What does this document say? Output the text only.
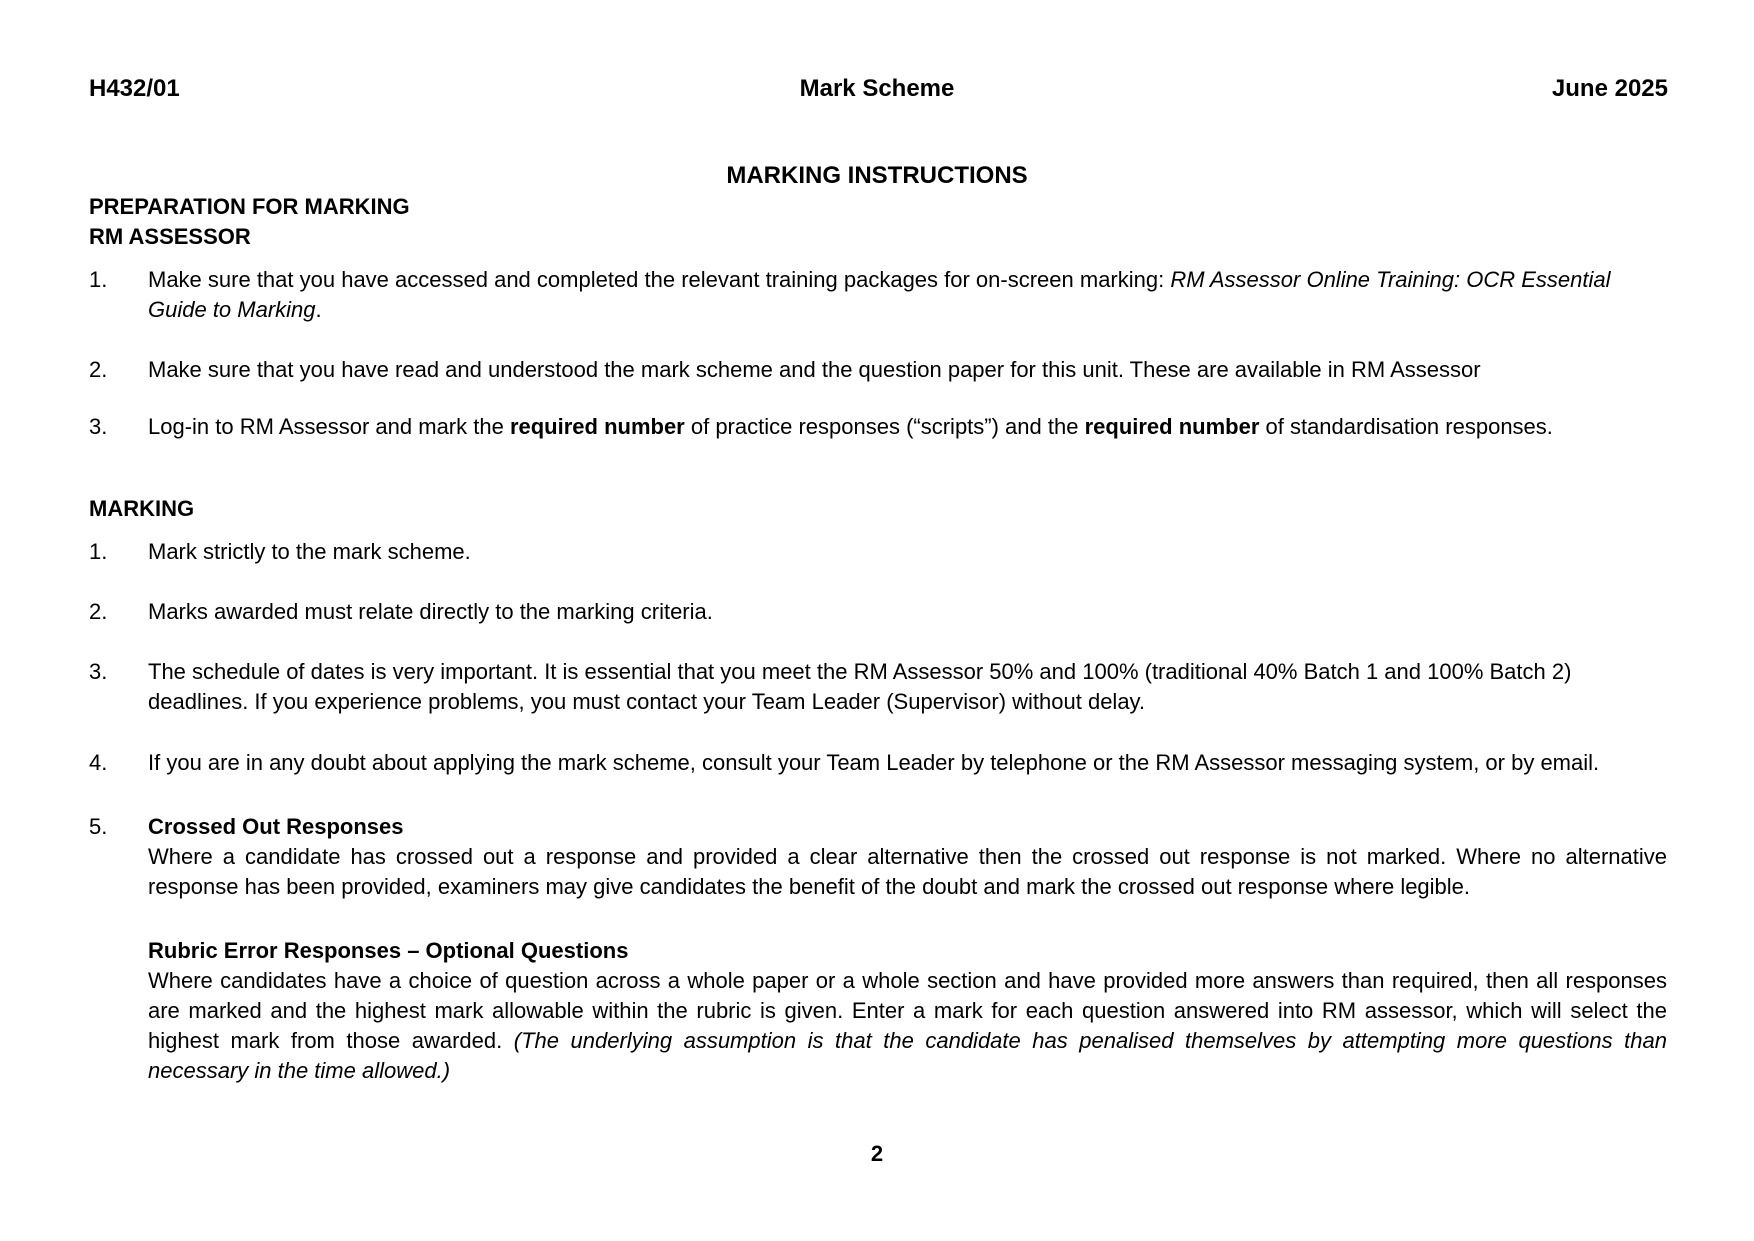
H432/01	Mark Scheme	June 2025
MARKING INSTRUCTIONS
PREPARATION FOR MARKING
RM ASSESSOR
1.	Make sure that you have accessed and completed the relevant training packages for on-screen marking: RM Assessor Online Training: OCR Essential Guide to Marking.
2.	Make sure that you have read and understood the mark scheme and the question paper for this unit. These are available in RM Assessor
3.	Log-in to RM Assessor and mark the required number of practice responses (“scripts”) and the required number of standardisation responses.
MARKING
1.	Mark strictly to the mark scheme.
2.	Marks awarded must relate directly to the marking criteria.
3.	The schedule of dates is very important. It is essential that you meet the RM Assessor 50% and 100% (traditional 40% Batch 1 and 100% Batch 2) deadlines. If you experience problems, you must contact your Team Leader (Supervisor) without delay.
4.	If you are in any doubt about applying the mark scheme, consult your Team Leader by telephone or the RM Assessor messaging system, or by email.
5.	Crossed Out Responses
Where a candidate has crossed out a response and provided a clear alternative then the crossed out response is not marked. Where no alternative response has been provided, examiners may give candidates the benefit of the doubt and mark the crossed out response where legible.
Rubric Error Responses – Optional Questions
Where candidates have a choice of question across a whole paper or a whole section and have provided more answers than required, then all responses are marked and the highest mark allowable within the rubric is given. Enter a mark for each question answered into RM assessor, which will select the highest mark from those awarded. (The underlying assumption is that the candidate has penalised themselves by attempting more questions than necessary in the time allowed.)
2
